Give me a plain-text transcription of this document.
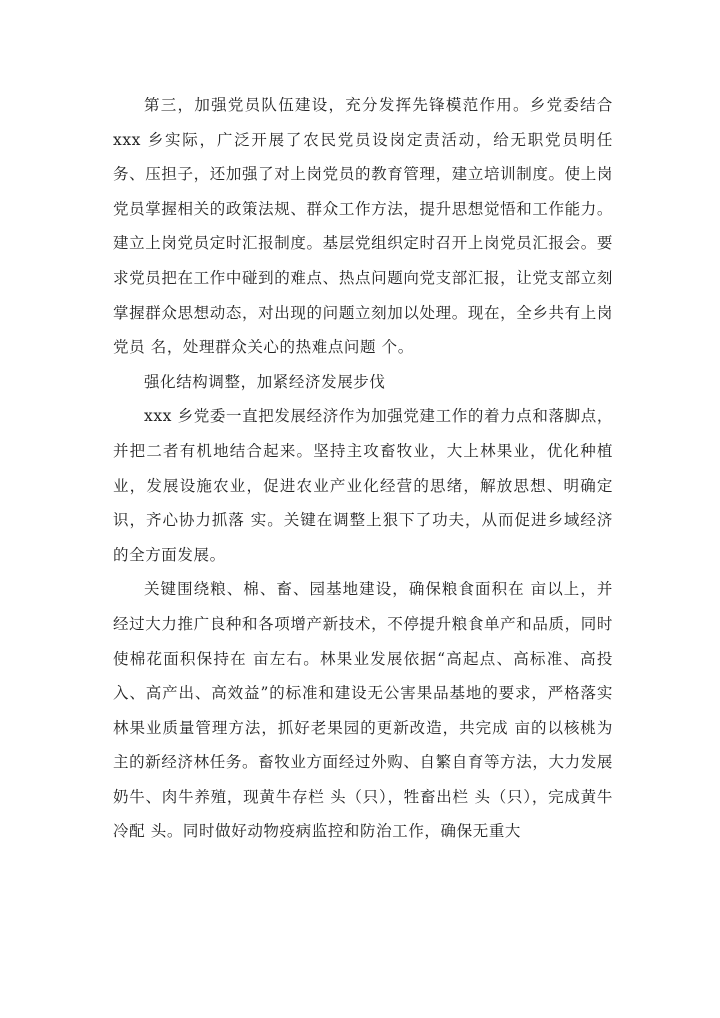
第三，加强党员队伍建设，充分发挥先锋模范作用。乡党委结合xxx 乡实际，广泛开展了农民党员设岗定责活动，给无职党员明任务、压担子，还加强了对上岗党员的教育管理，建立培训制度。使上岗党员掌握相关的政策法规、群众工作方法，提升思想觉悟和工作能力。建立上岗党员定时汇报制度。基层党组织定时召开上岗党员汇报会。要求党员把在工作中碰到的难点、热点问题向党支部汇报，让党支部立刻掌握群众思想动态，对出现的问题立刻加以处理。现在，全乡共有上岗党员 名，处理群众关心的热难点问题 个。

强化结构调整，加紧经济发展步伐

xxx 乡党委一直把发展经济作为加强党建工作的着力点和落脚点，并把二者有机地结合起来。坚持主攻畜牧业，大上林果业，优化种植业，发展设施农业，促进农业产业化经营的思绪，解放思想、明确定识，齐心协力抓落 实。关键在调整上狠下了功夫，从而促进乡域经济的全方面发展。

关键围绕粮、棉、畜、园基地建设，确保粮食面积在 亩以上，并经过大力推广良种和各项增产新技术，不停提升粮食单产和品质，同时使棉花面积保持在 亩左右。林果业发展依据“高起点、高标准、高投入、高产出、高效益”的标准和建设无公害果品基地的要求，严格落实林果业质量管理方法，抓好老果园的更新改造，共完成 亩的以核桃为主的新经济林任务。畜牧业方面经过外购、自繁自育等方法，大力发展奶牛、肉牛养殖，现黄牛存栏 头（只），牲畜出栏 头（只），完成黄牛冷配 头。同时做好动物疫病监控和防治工作，确保无重大
